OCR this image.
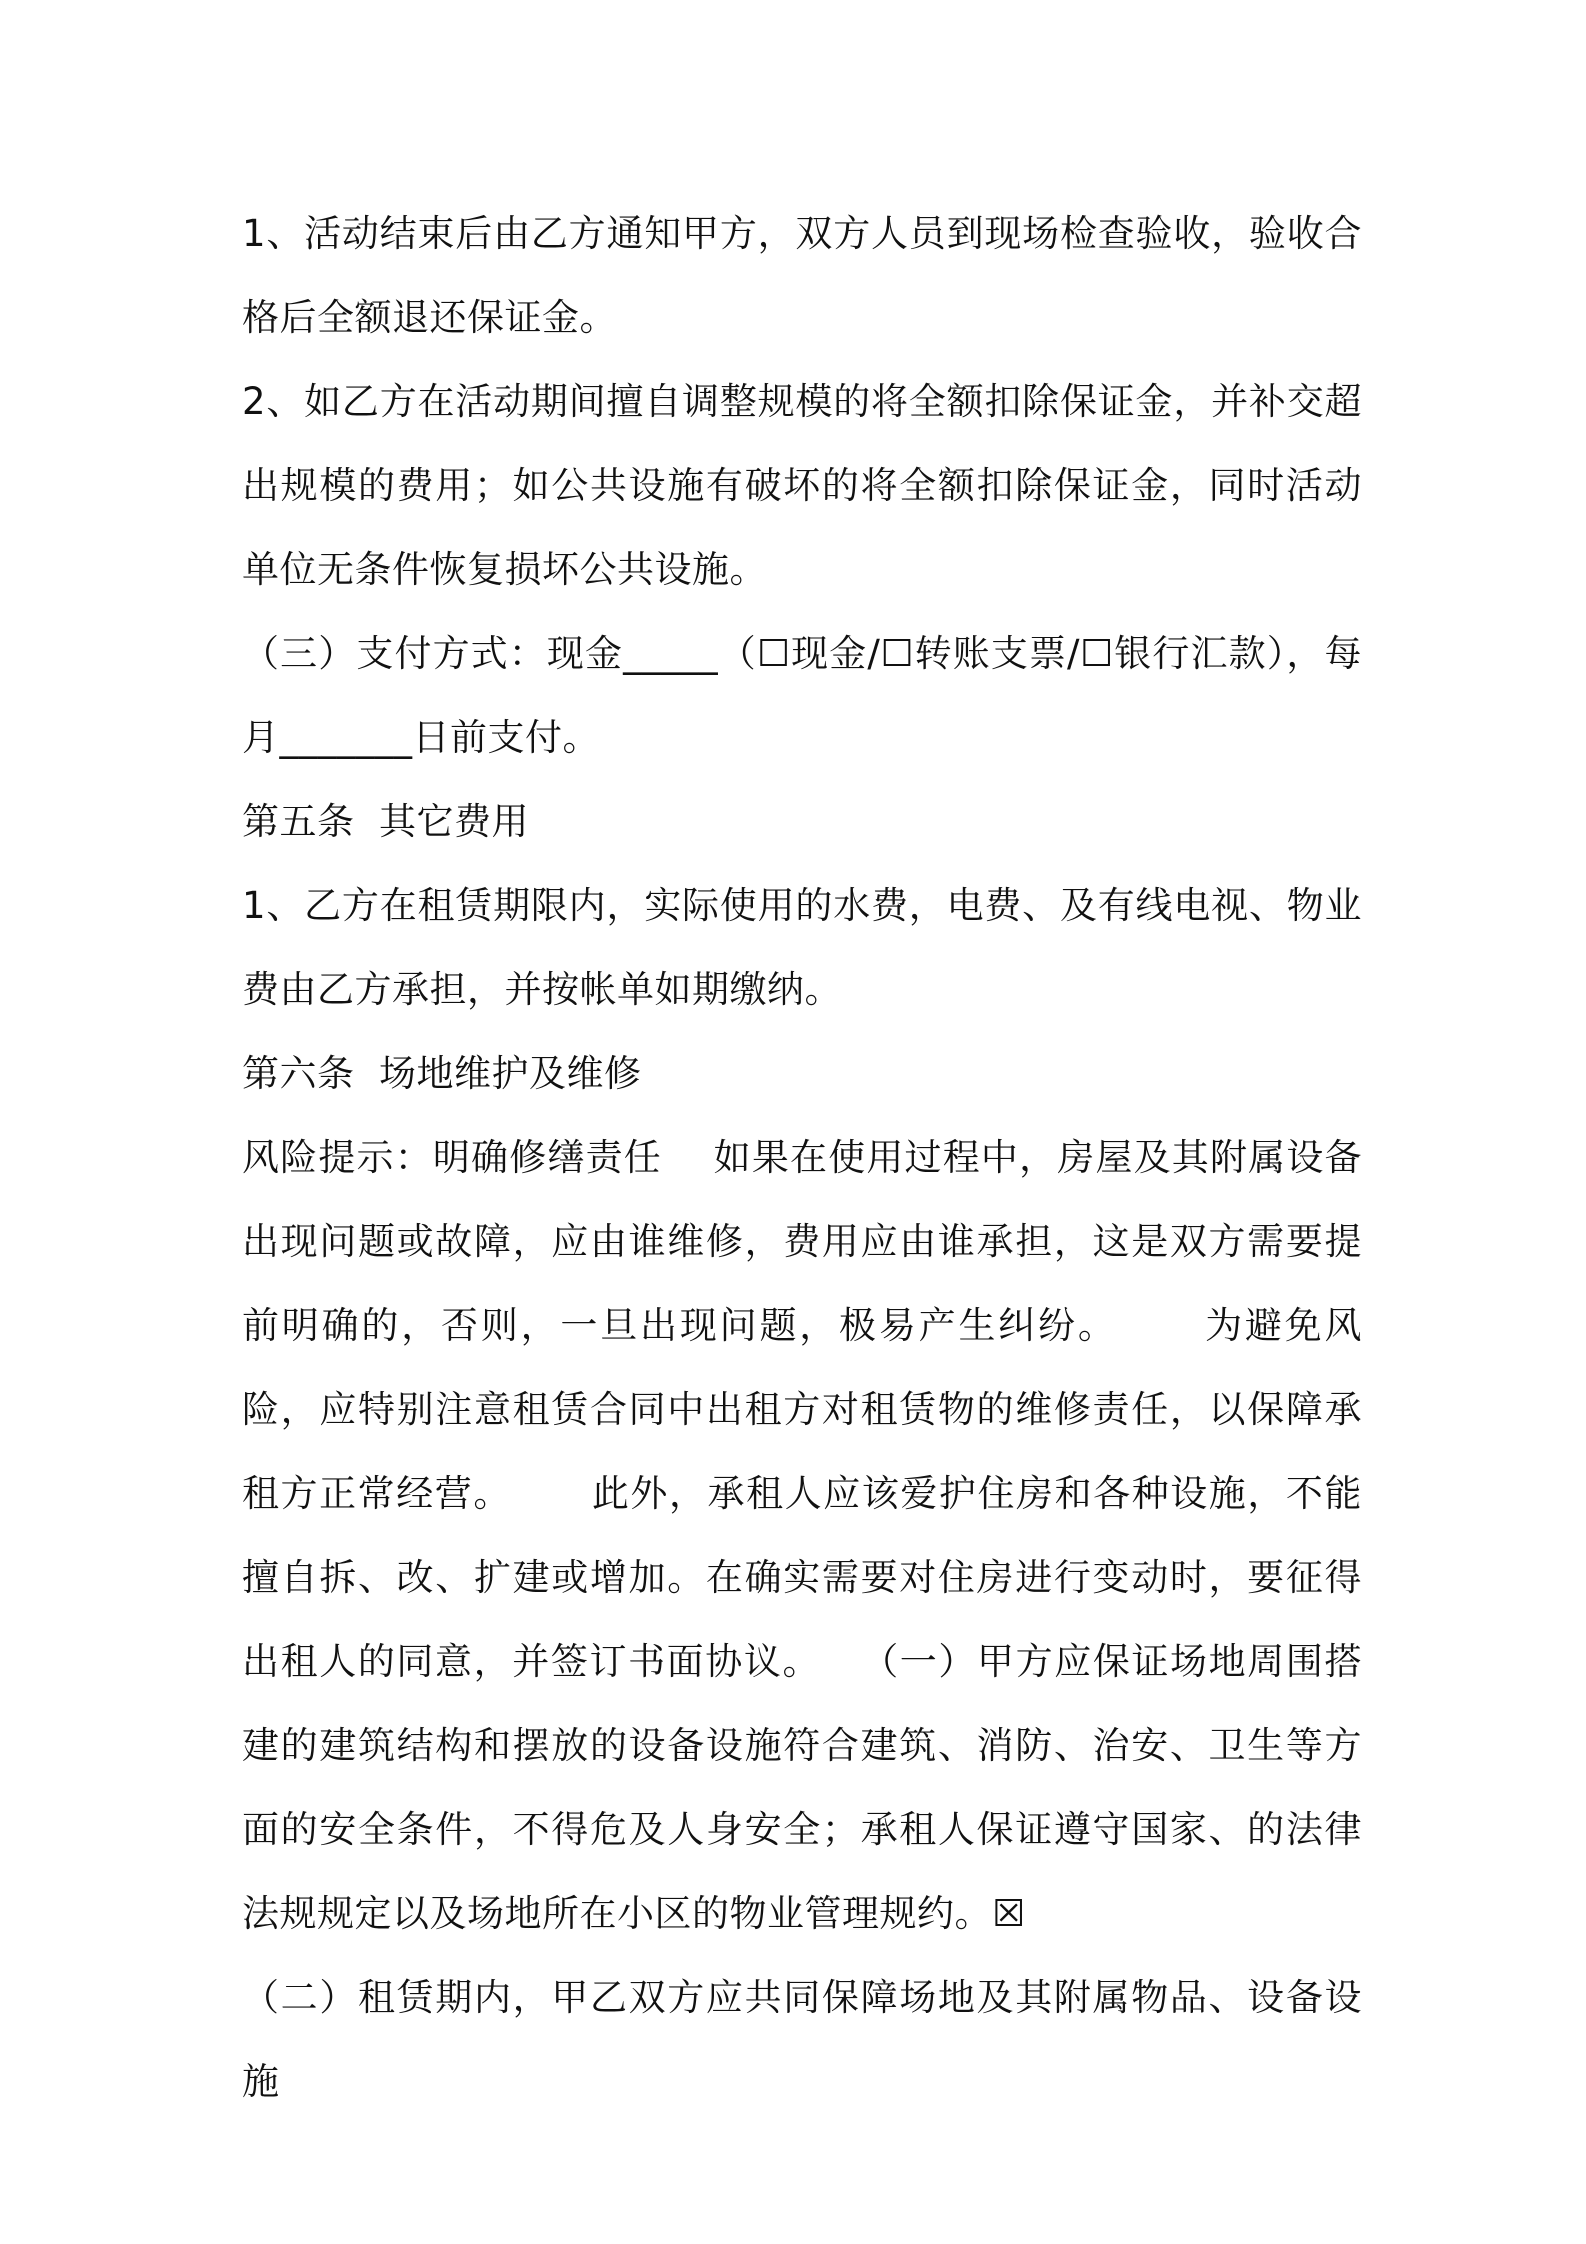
1、活动结束后由乙方通知甲方，双方人员到现场检查验收，验收合格后全额退还保证金。

2、如乙方在活动期间擅自调整规模的将全额扣除保证金，并补交超出规模的费用；如公共设施有破坏的将全额扣除保证金，同时活动单位无条件恢复损坏公共设施。

（三）支付方式：现金_____（☐现金/☐转账支票/☐银行汇款），每月_______日前支付。

第五条  其它费用

1、乙方在租赁期限内，实际使用的水费，电费、及有线电视、物业费由乙方承担，并按帐单如期缴纳。

第六条  场地维护及维修

风险提示：明确修缮责任    如果在使用过程中，房屋及其附属设备出现问题或故障，应由谁维修，费用应由谁承担，这是双方需要提前明确的，否则，一旦出现问题，极易产生纠纷。      为避免风险，应特别注意租赁合同中出租方对租赁物的维修责任，以保障承租方正常经营。      此外，承租人应该爱护住房和各种设施，不能擅自拆、改、扩建或增加。在确实需要对住房进行变动时，要征得出租人的同意，并签订书面协议。   （一）甲方应保证场地周围搭建的建筑结构和摆放的设备设施符合建筑、消防、治安、卫生等方面的安全条件，不得危及人身安全；承租人保证遵守国家、的法律法规规定以及场地所在小区的物业管理规约。☒

（二）租赁期内，甲乙双方应共同保障场地及其附属物品、设备设施
